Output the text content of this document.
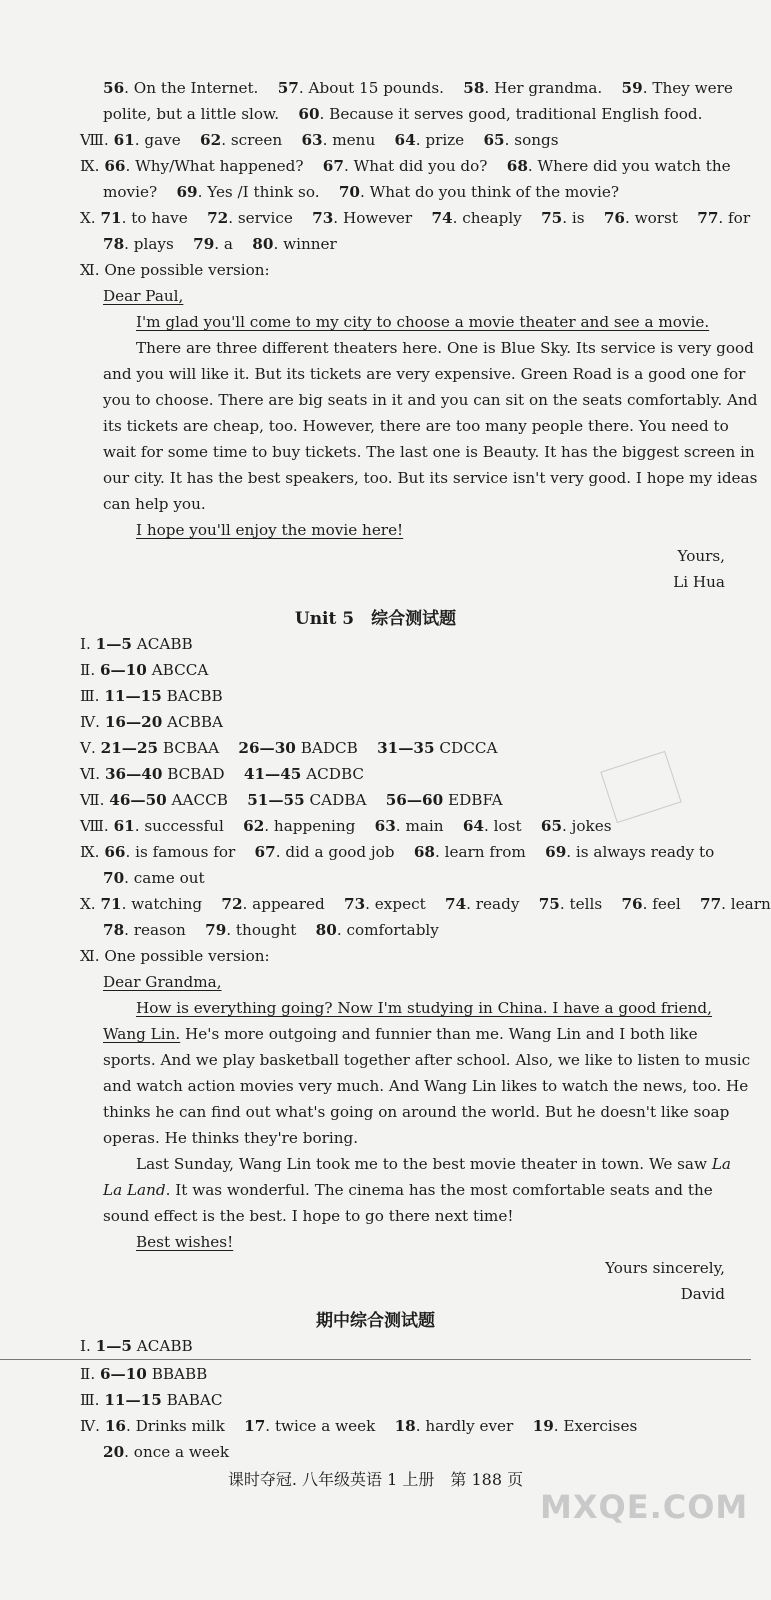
56. On the Internet.    57. About 15 pounds.    58. Her grandma.    59. They were
polite, but a little slow.    60. Because it serves good, traditional English food.
Ⅷ. 61. gave    62. screen    63. menu    64. prize    65. songs
Ⅸ. 66. Why/What happened?    67. What did you do?    68. Where did you watch the
movie?    69. Yes /I think so.    70. What do you think of the movie?
Ⅹ. 71. to have    72. service    73. However    74. cheaply    75. is    76. worst    77. for
78. plays    79. a    80. winner
Ⅺ. One possible version:
Dear Paul,
I'm glad you'll come to my city to choose a movie theater and see a movie.
There are three different theaters here. One is Blue Sky. Its service is very good
and you will like it. But its tickets are very expensive. Green Road is a good one for
you to choose. There are big seats in it and you can sit on the seats comfortably. And
its tickets are cheap, too. However, there are too many people there. You need to
wait for some time to buy tickets. The last one is Beauty. It has the biggest screen in
our city. It has the best speakers, too. But its service isn't very good. I hope my ideas
can help you.
I hope you'll enjoy the movie here!
Yours,
Li Hua
Ⅰ. 1—5 ACABB
Ⅱ. 6—10 ABCCA
Ⅲ. 11—15 BACBB
Ⅳ. 16—20 ACBBA
Ⅴ. 21—25 BCBAA    26—30 BADCB    31—35 CDCCA
Ⅵ. 36—40 BCBAD    41—45 ACDBC
Ⅶ. 46—50 AACCB    51—55 CADBA    56—60 EDBFA
Ⅷ. 61. successful    62. happening    63. main    64. lost    65. jokes
Ⅸ. 66. is famous for    67. did a good job    68. learn from    69. is always ready to
70. came out
Ⅹ. 71. watching    72. appeared    73. expect    74. ready    75. tells    76. feel    77. learn
78. reason    79. thought    80. comfortably
Ⅺ. One possible version:
Dear Grandma,
How is everything going? Now I'm studying in China. I have a good friend,
Wang Lin. He's more outgoing and funnier than me. Wang Lin and I both like
sports. And we play basketball together after school. Also, we like to listen to music
and watch action movies very much. And Wang Lin likes to watch the news, too. He
thinks he can find out what's going on around the world. But he doesn't like soap
operas. He thinks they're boring.
Last Sunday, Wang Lin took me to the best movie theater in town. We saw La
La Land. It was wonderful. The cinema has the most comfortable seats and the
sound effect is the best. I hope to go there next time!
Best wishes!
Yours sincerely,
David
Ⅰ. 1—5 ACABB
Ⅱ. 6—10 BBABB
Ⅲ. 11—15 BABAC
Ⅳ. 16. Drinks milk    17. twice a week    18. hardly ever    19. Exercises
20. once a week
Unit 5　综合测试题
期中综合测试题
课时夺冠. 八年级英语 1 上册　第 188 页
MXQE.COM
